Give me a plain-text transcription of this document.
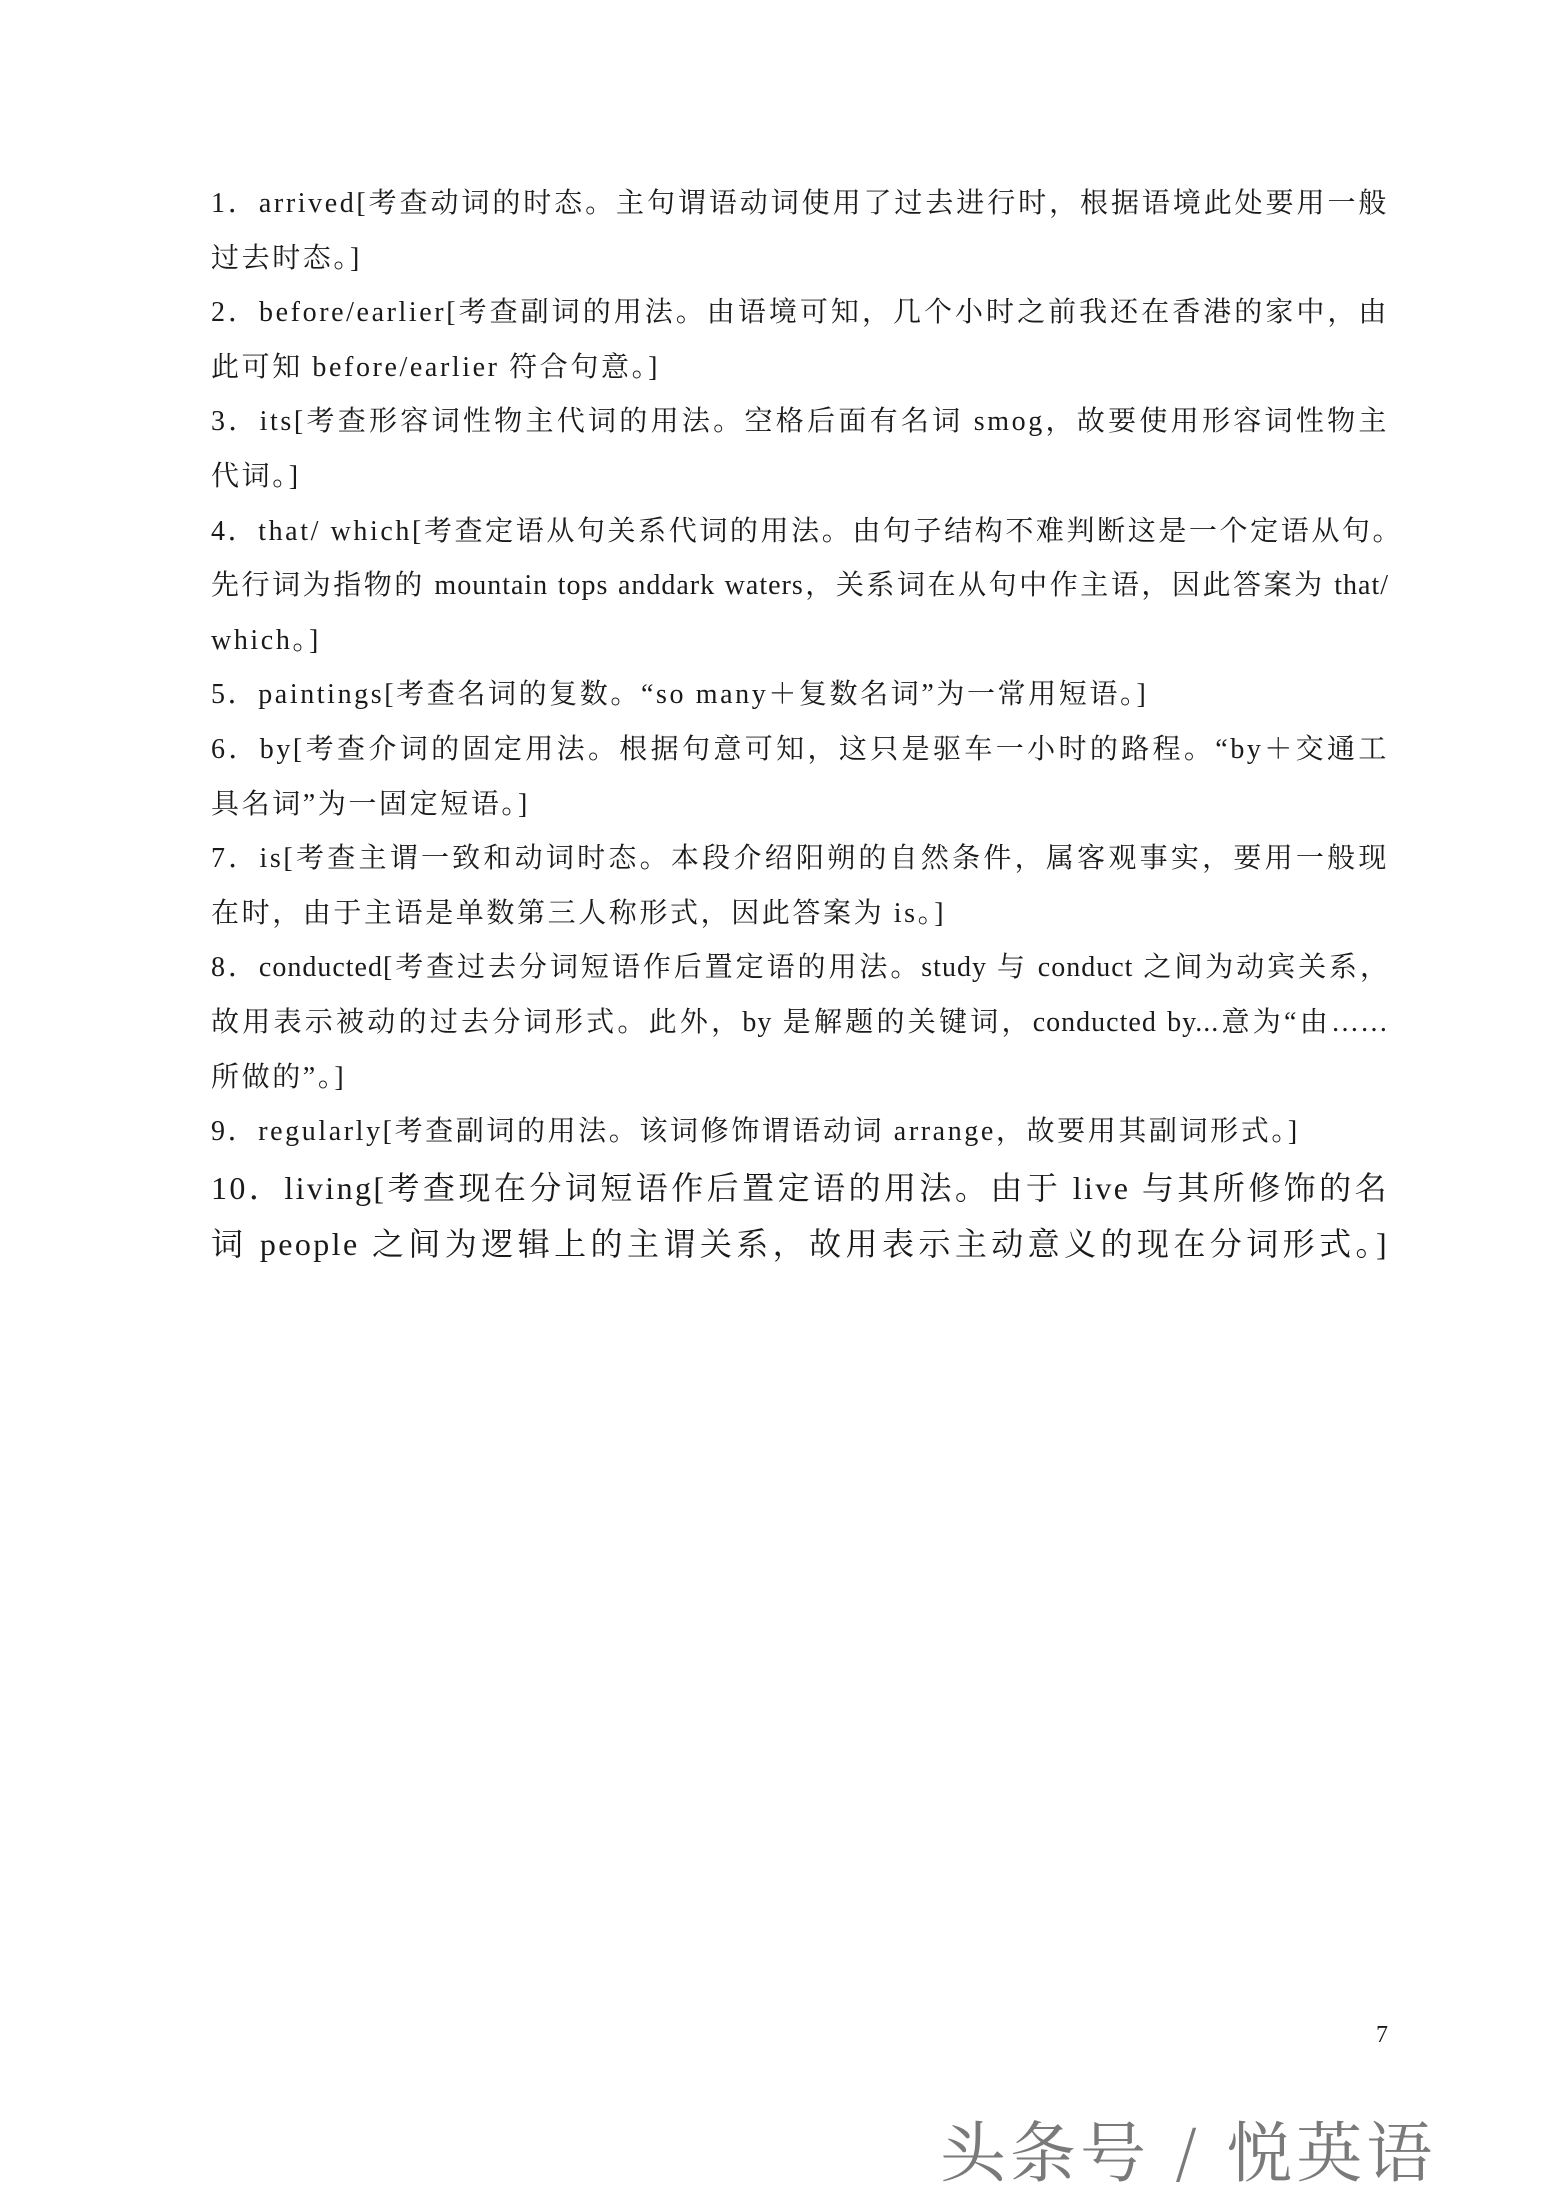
1．arrived[考查动词的时态。主句谓语动词使用了过去进行时，根据语境此处要用一般
过去时态。]
2．before/earlier[考查副词的用法。由语境可知，几个小时之前我还在香港的家中，由
此可知 before/earlier 符合句意。]
3．its[考查形容词性物主代词的用法。空格后面有名词 smog，故要使用形容词性物主
代词。]
4．that/ which[考查定语从句关系代词的用法。由句子结构不难判断这是一个定语从句。
先行词为指物的 mountain tops anddark waters，关系词在从句中作主语，因此答案为 that/
which。]
5．paintings[考查名词的复数。“so many＋复数名词”为一常用短语。]
6．by[考查介词的固定用法。根据句意可知，这只是驱车一小时的路程。“by＋交通工
具名词”为一固定短语。]
7．is[考查主谓一致和动词时态。本段介绍阳朔的自然条件，属客观事实，要用一般现
在时，由于主语是单数第三人称形式，因此答案为 is。]
8．conducted[考查过去分词短语作后置定语的用法。study 与 conduct 之间为动宾关系，
故用表示被动的过去分词形式。此外，by 是解题的关键词，conducted by...意为“由……
所做的”。]
9．regularly[考查副词的用法。该词修饰谓语动词 arrange，故要用其副词形式。]
10．living[考查现在分词短语作后置定语的用法。由于 live 与其所修饰的名
词 people 之间为逻辑上的主谓关系，故用表示主动意义的现在分词形式。]
7
头条号 / 悦英语
